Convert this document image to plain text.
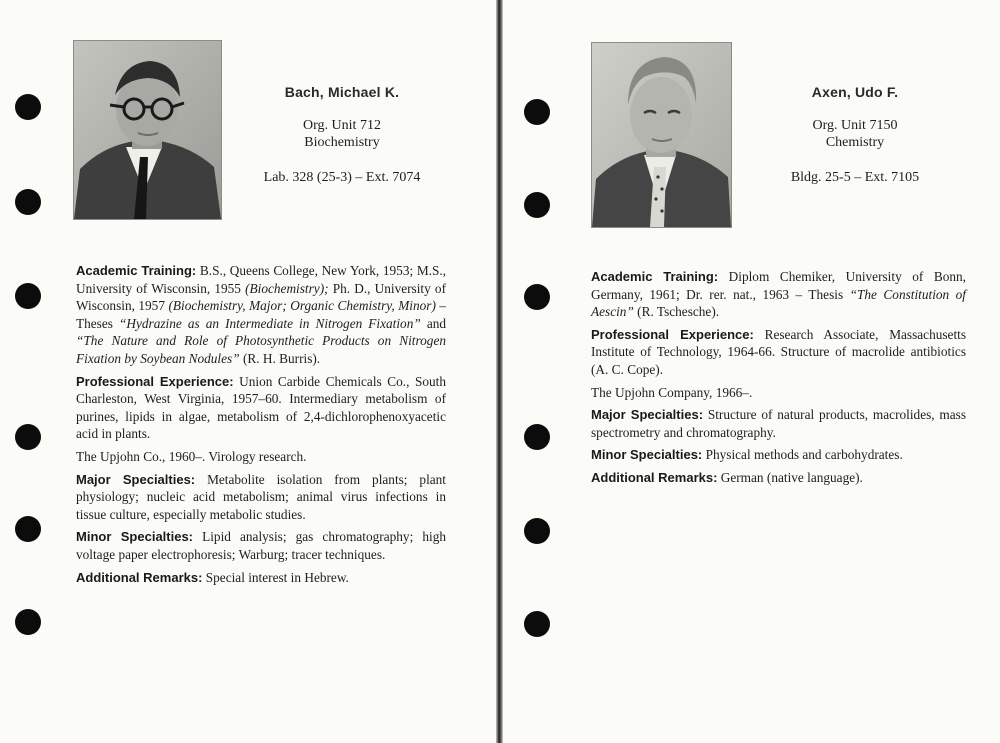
Bach, Michael K.
Org. Unit 712
Biochemistry
Lab. 328 (25-3) – Ext. 7074

Academic Training: B.S., Queens College, New York, 1953; M.S., University of Wisconsin, 1955 (Biochemistry); Ph. D., University of Wisconsin, 1957 (Biochemistry, Major; Organic Chemistry, Minor) – Theses “Hydrazine as an Intermediate in Nitrogen Fixation” and “The Nature and Role of Photosynthetic Products on Nitrogen Fixation by Soybean Nodules” (R. H. Burris).

Professional Experience: Union Carbide Chemicals Co., South Charleston, West Virginia, 1957–60. Intermediary metabolism of purines, lipids in algae, metabolism of 2,4-dichlorophenoxyacetic acid in plants.

The Upjohn Co., 1960–. Virology research.

Major Specialties: Metabolite isolation from plants; plant physiology; nucleic acid metabolism; animal virus infections in tissue culture, especially metabolic studies.

Minor Specialties: Lipid analysis; gas chromatography; high voltage paper electrophoresis; Warburg; tracer techniques.

Additional Remarks: Special interest in Hebrew.

Axen, Udo F.
Org. Unit 7150
Chemistry
Bldg. 25-5 – Ext. 7105

Academic Training: Diplom Chemiker, University of Bonn, Germany, 1961; Dr. rer. nat., 1963 – Thesis “The Constitution of Aescin” (R. Tschesche).

Professional Experience: Research Associate, Massachusetts Institute of Technology, 1964-66. Structure of macrolide antibiotics (A. C. Cope).

The Upjohn Company, 1966–.

Major Specialties: Structure of natural products, macrolides, mass spectrometry and chromatography.

Minor Specialties: Physical methods and carbohydrates.

Additional Remarks: German (native language).
